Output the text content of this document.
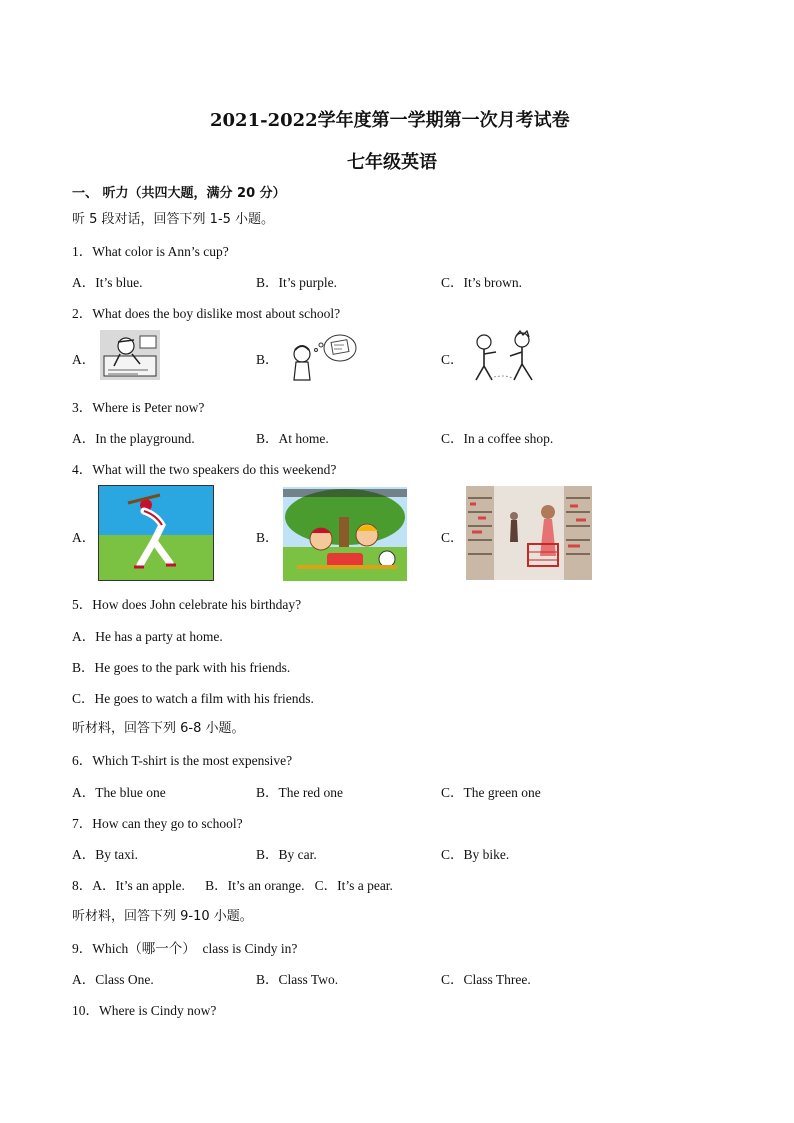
2021-2022学年度第一学期第一次月考试卷
七年级英语
一、 听力（共四大题，满分 20 分）
听 5 段对话，回答下列 1-5 小题。
1．What color is Ann’s cup?
A．It’s blue.	B．It’s purple.	C．It’s brown.
2．What does the boy dislike most about school?
A．	B．	C．
3．Where is Peter now?
A．In the playground.	B．At home.	C．In a coffee shop.
4．What will the two speakers do this weekend?
A．	B．	C．
5．How does John celebrate his birthday?
A．He has a party at home.
B．He goes to the park with his friends.
C．He goes to watch a film with his friends.
听材料，回答下列 6-8 小题。
6．Which T-shirt is the most expensive?
A．The blue one	B．The red one	C．The green one
7．How can they go to school?
A．By taxi.	B．By car.	C．By bike.
8．A．It’s an apple.      B．It’s an orange.   C．It’s a pear.
听材料，回答下列 9-10 小题。
9．Which（哪一个）  class is Cindy in?
A．Class One.	B．Class Two.	C．Class Three.
10．Where is Cindy now?
